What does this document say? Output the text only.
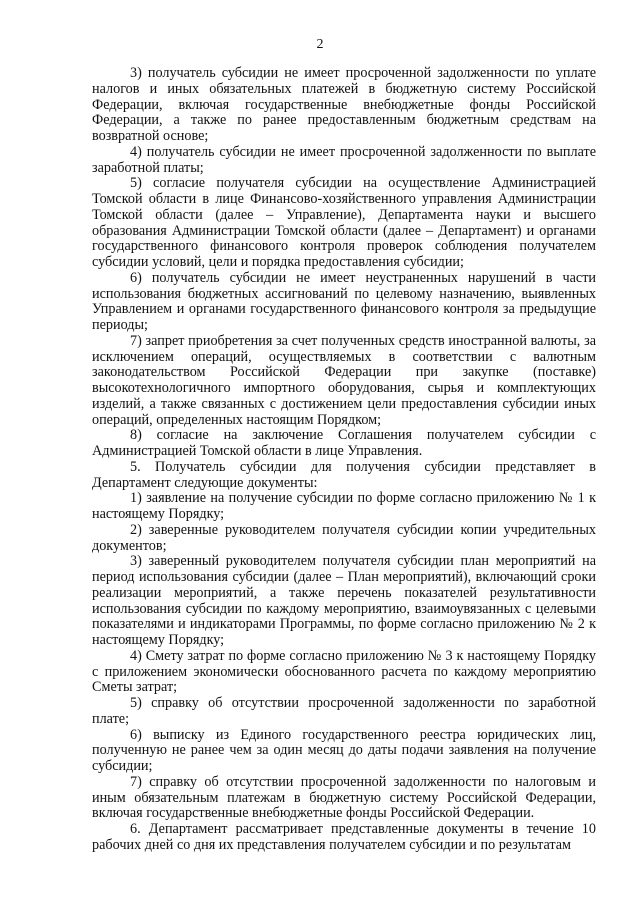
2

3) получатель субсидии не имеет просроченной задолженности по уплате налогов и иных обязательных платежей в бюджетную систему Российской Федерации, включая государственные внебюджетные фонды Российской Федерации, а также по ранее предоставленным бюджетным средствам на возвратной основе;

4) получатель субсидии не имеет просроченной задолженности по выплате заработной платы;

5) согласие получателя субсидии на осуществление Администрацией Томской области в лице Финансово-хозяйственного управления Администрации Томской области (далее – Управление), Департамента науки и высшего образования Администрации Томской области (далее – Департамент) и органами государственного финансового контроля проверок соблюдения получателем субсидии условий, цели и порядка предоставления субсидии;

6) получатель субсидии не имеет неустраненных нарушений в части использования бюджетных ассигнований по целевому назначению, выявленных Управлением и органами государственного финансового контроля за предыдущие периоды;

7) запрет приобретения за счет полученных средств иностранной валюты, за исключением операций, осуществляемых в соответствии с валютным законодательством Российской Федерации при закупке (поставке) высокотехнологичного импортного оборудования, сырья и комплектующих изделий, а также связанных с достижением цели предоставления субсидии иных операций, определенных настоящим Порядком;

8) согласие на заключение Соглашения получателем субсидии с Администрацией Томской области в лице Управления.

5. Получатель субсидии для получения субсидии представляет в Департамент следующие документы:

1) заявление на получение субсидии по форме согласно приложению № 1 к настоящему Порядку;

2) заверенные руководителем получателя субсидии копии учредительных документов;

3) заверенный руководителем получателя субсидии план мероприятий на период использования субсидии (далее – План мероприятий), включающий сроки реализации мероприятий, а также перечень показателей результативности использования субсидии по каждому мероприятию, взаимоувязанных с целевыми показателями и индикаторами Программы, по форме согласно приложению № 2 к настоящему Порядку;

4) Смету затрат по форме согласно приложению № 3 к настоящему Порядку с приложением экономически обоснованного расчета по каждому мероприятию Сметы затрат;

5) справку об отсутствии просроченной задолженности по заработной плате;

6) выписку из Единого государственного реестра юридических лиц, полученную не ранее чем за один месяц до даты подачи заявления на получение субсидии;

7) справку об отсутствии просроченной задолженности по налоговым и иным обязательным платежам в бюджетную систему Российской Федерации, включая государственные внебюджетные фонды Российской Федерации.

6. Департамент рассматривает представленные документы в течение 10 рабочих дней со дня их представления получателем субсидии и по результатам
